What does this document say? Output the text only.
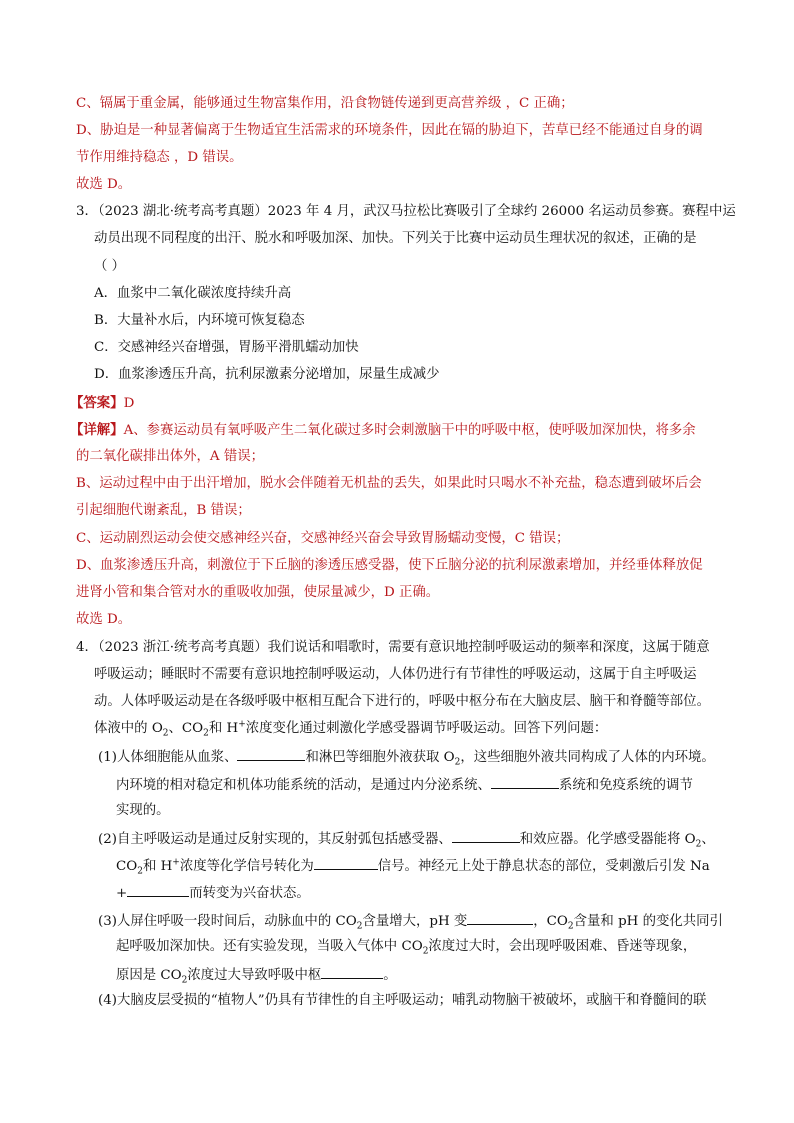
C、镉属于重金属，能够通过生物富集作用，沿食物链传递到更高营养级 ，C 正确；
D、胁迫是一种显著偏离于生物适宜生活需求的环境条件，因此在镉的胁迫下，苦草已经不能通过自身的调
节作用维持稳态 ，D 错误。
故选 D。
3．（2023 湖北·统考高考真题）2023 年 4 月，武汉马拉松比赛吸引了全球约 26000 名运动员参赛。赛程中运
动员出现不同程度的出汗、脱水和呼吸加深、加快。下列关于比赛中运动员生理状况的叙述，正确的是
（ ）
A．血浆中二氧化碳浓度持续升高
B．大量补水后，内环境可恢复稳态
C．交感神经兴奋增强，胃肠平滑肌蠕动加快
D．血浆渗透压升高，抗利尿激素分泌增加，尿量生成减少
【答案】D
【详解】A、参赛运动员有氧呼吸产生二氧化碳过多时会刺激脑干中的呼吸中枢，使呼吸加深加快，将多余
的二氧化碳排出体外，A 错误；
B、运动过程中由于出汗增加，脱水会伴随着无机盐的丢失，如果此时只喝水不补充盐，稳态遭到破坏后会
引起细胞代谢紊乱，B 错误；
C、运动剧烈运动会使交感神经兴奋，交感神经兴奋会导致胃肠蠕动变慢，C 错误；
D、血浆渗透压升高，刺激位于下丘脑的渗透压感受器，使下丘脑分泌的抗利尿激素增加，并经垂体释放促
进肾小管和集合管对水的重吸收加强，使尿量减少，D 正确。
故选 D。
4．（2023 浙江·统考高考真题）我们说话和唱歌时，需要有意识地控制呼吸运动的频率和深度，这属于随意
呼吸运动；睡眠时不需要有意识地控制呼吸运动，人体仍进行有节律性的呼吸运动，这属于自主呼吸运
动。人体呼吸运动是在各级呼吸中枢相互配合下进行的，呼吸中枢分布在大脑皮层、脑干和脊髓等部位。
体液中的 $O_2$、$CO_2$和 H+浓度变化通过刺激化学感受器调节呼吸运动。回答下列问题：
(1)人体细胞能从血浆、	和淋巴等细胞外液获取 $O_2$，这些细胞外液共同构成了人体的内环境。
内环境的相对稳定和机体功能系统的活动，是通过内分泌系统、	系统和免疫系统的调节
实现的。
(2)自主呼吸运动是通过反射实现的，其反射弧包括感受器、	和效应器。化学感受器能将 $O_2$、
$CO_2$和 H+浓度等化学信号转化为	信号。神经元上处于静息状态的部位，受刺激后引发 Na
+	而转变为兴奋状态。
(3)人屏住呼吸一段时间后，动脉血中的 $CO_2$含量增大，pH 变	，$CO_2$含量和 pH 的变化共同引
起呼吸加深加快。还有实验发现，当吸入气体中 $CO_2$浓度过大时，会出现呼吸困难、昏迷等现象，
原因是 $CO_2$浓度过大导致呼吸中枢	。
(4)大脑皮层受损的“植物人”仍具有节律性的自主呼吸运动；哺乳动物脑干被破坏，或脑干和脊髓间的联
